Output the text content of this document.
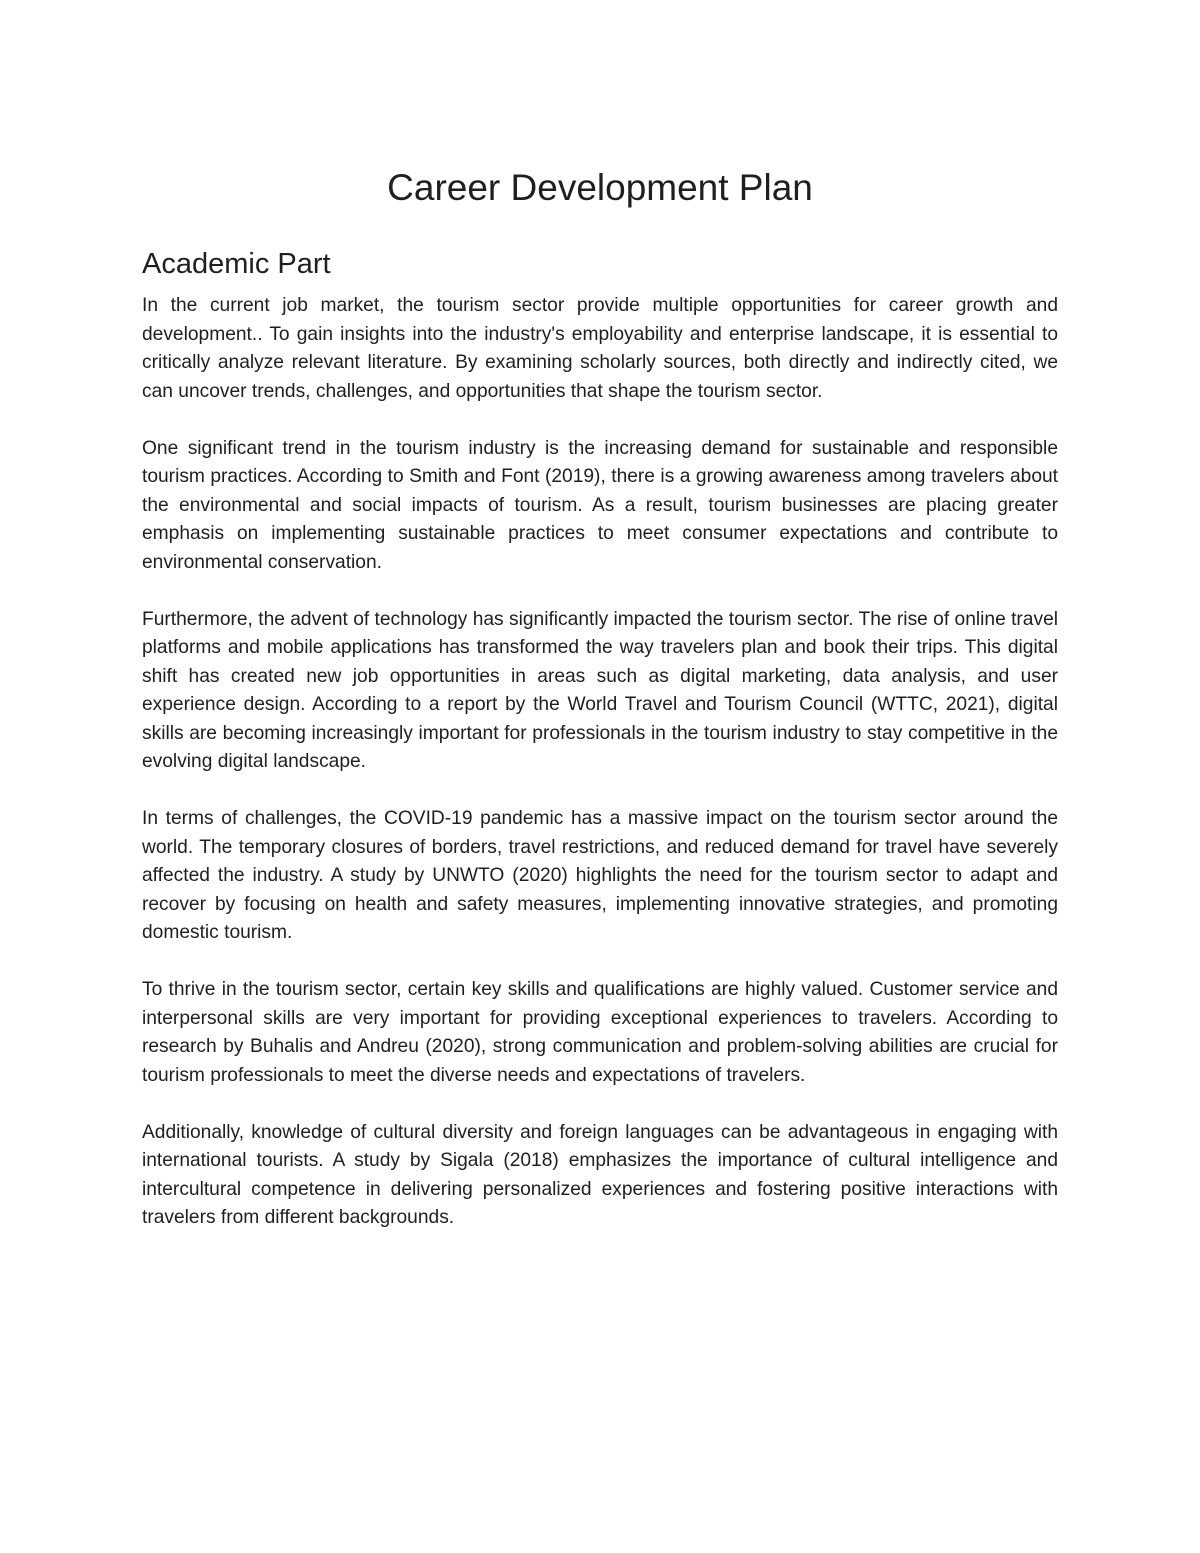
Career Development Plan
Academic Part

In the current job market, the tourism sector provide multiple opportunities for career growth and development.. To gain insights into the industry's employability and enterprise landscape, it is essential to critically analyze relevant literature. By examining scholarly sources, both directly and indirectly cited, we can uncover trends, challenges, and opportunities that shape the tourism sector.

One significant trend in the tourism industry is the increasing demand for sustainable and responsible tourism practices. According to Smith and Font (2019), there is a growing awareness among travelers about the environmental and social impacts of tourism. As a result, tourism businesses are placing greater emphasis on implementing sustainable practices to meet consumer expectations and contribute to environmental conservation.

Furthermore, the advent of technology has significantly impacted the tourism sector. The rise of online travel platforms and mobile applications has transformed the way travelers plan and book their trips. This digital shift has created new job opportunities in areas such as digital marketing, data analysis, and user experience design. According to a report by the World Travel and Tourism Council (WTTC, 2021), digital skills are becoming increasingly important for professionals in the tourism industry to stay competitive in the evolving digital landscape.

In terms of challenges, the COVID-19 pandemic has a massive impact on the tourism sector around the world. The temporary closures of borders, travel restrictions, and reduced demand for travel have severely affected the industry. A study by UNWTO (2020) highlights the need for the tourism sector to adapt and recover by focusing on health and safety measures, implementing innovative strategies, and promoting domestic tourism.

To thrive in the tourism sector, certain key skills and qualifications are highly valued. Customer service and interpersonal skills are very important for providing exceptional experiences to travelers. According to research by Buhalis and Andreu (2020), strong communication and problem-solving abilities are crucial for tourism professionals to meet the diverse needs and expectations of travelers.

Additionally, knowledge of cultural diversity and foreign languages can be advantageous in engaging with international tourists. A study by Sigala (2018) emphasizes the importance of cultural intelligence and intercultural competence in delivering personalized experiences and fostering positive interactions with travelers from different backgrounds.
